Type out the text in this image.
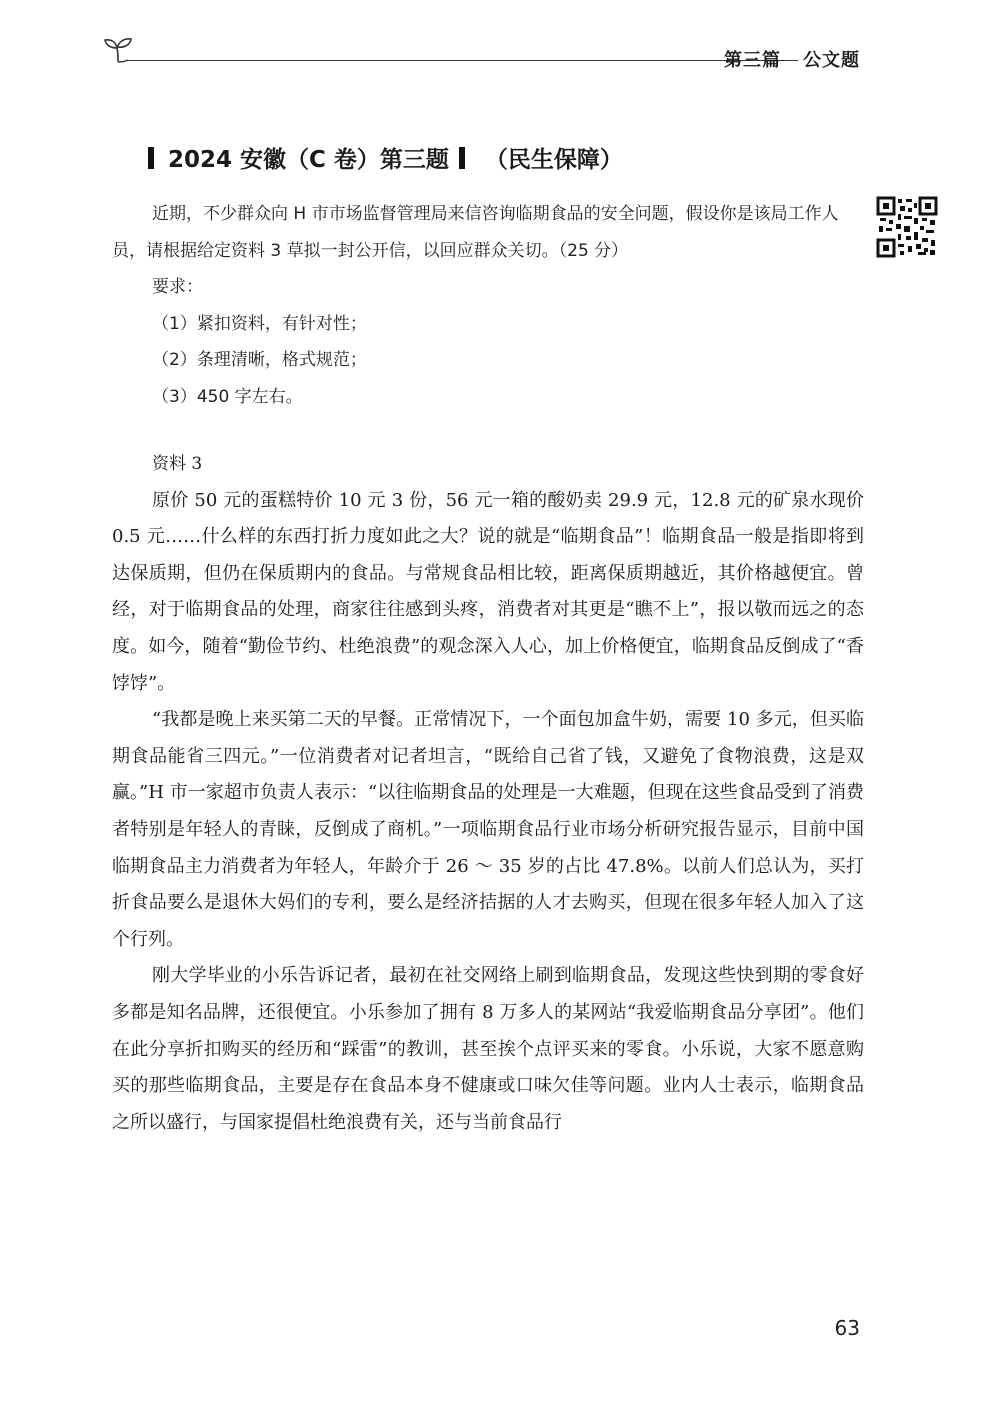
第三篇 公文题
2024 安徽（C 卷）第三题 （民生保障）

近期，不少群众向 H 市市场监督管理局来信咨询临期食品的安全问题，假设你是该局工作人员，请根据给定资料 3 草拟一封公开信，以回应群众关切。（25 分）

要求：

（1）紧扣资料，有针对性；

（2）条理清晰，格式规范；

（3）450 字左右。

资料 3

原价 50 元的蛋糕特价 10 元 3 份，56 元一箱的酸奶卖 29.9 元，12.8 元的矿泉水现价 0.5 元……什么样的东西打折力度如此之大？说的就是“临期食品”！临期食品一般是指即将到达保质期，但仍在保质期内的食品。与常规食品相比较，距离保质期越近，其价格越便宜。曾经，对于临期食品的处理，商家往往感到头疼，消费者对其更是“瞧不上”，报以敬而远之的态度。如今，随着“勤俭节约、杜绝浪费”的观念深入人心，加上价格便宜，临期食品反倒成了“香饽饽”。

“我都是晚上来买第二天的早餐。正常情况下，一个面包加盒牛奶，需要 10 多元，但买临期食品能省三四元。”一位消费者对记者坦言，“既给自己省了钱，又避免了食物浪费，这是双赢。”H 市一家超市负责人表示：“以往临期食品的处理是一大难题，但现在这些食品受到了消费者特别是年轻人的青睐，反倒成了商机。”一项临期食品行业市场分析研究报告显示，目前中国临期食品主力消费者为年轻人，年龄介于 26 ～ 35 岁的占比 47.8%。以前人们总认为，买打折食品要么是退休大妈们的专利，要么是经济拮据的人才去购买，但现在很多年轻人加入了这个行列。

刚大学毕业的小乐告诉记者，最初在社交网络上刷到临期食品，发现这些快到期的零食好多都是知名品牌，还很便宜。小乐参加了拥有 8 万多人的某网站“我爱临期食品分享团”。他们在此分享折扣购买的经历和“踩雷”的教训，甚至挨个点评买来的零食。小乐说，大家不愿意购买的那些临期食品，主要是存在食品本身不健康或口味欠佳等问题。业内人士表示，临期食品之所以盛行，与国家提倡杜绝浪费有关，还与当前食品行

63
